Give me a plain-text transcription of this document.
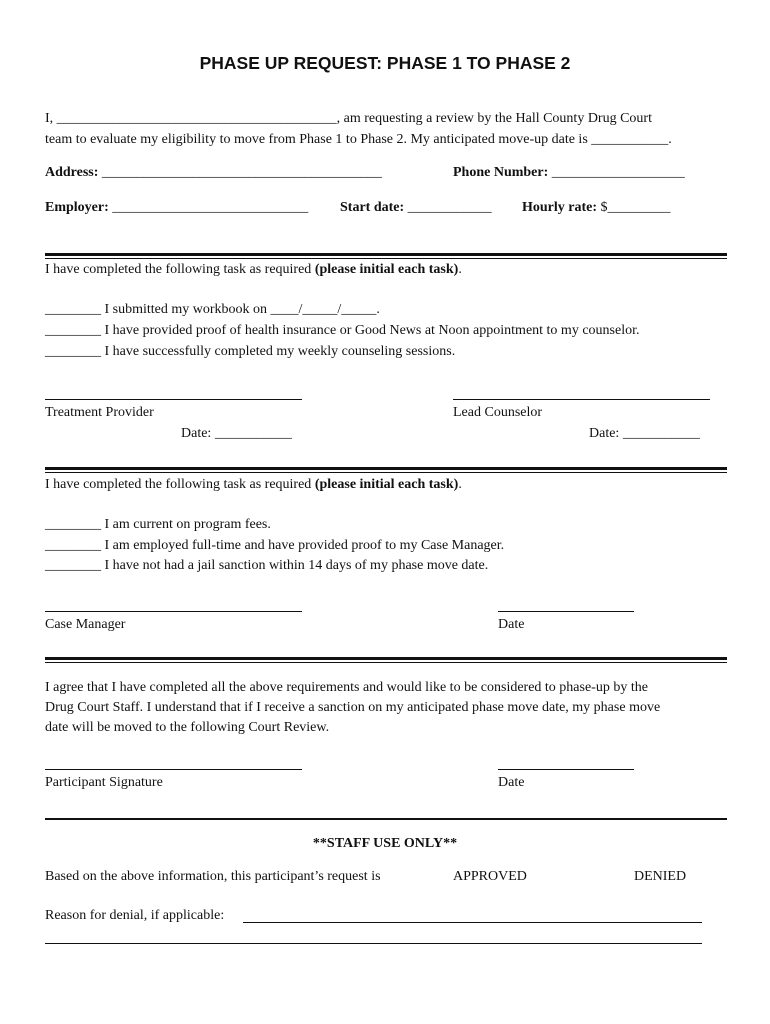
PHASE UP REQUEST: PHASE 1 TO PHASE 2
I, ________________________________________, am requesting a review by the Hall County Drug Court
team to evaluate my eligibility to move from Phase 1 to Phase 2. My anticipated move-up date is ___________.
Address: ________________________________________	Phone Number: ___________________
Employer: ____________________________ Start date: ____________ Hourly rate: $_________
I have completed the following task as required (please initial each task).
________ I submitted my workbook on ____/_____/_____.
________ I have provided proof of health insurance or Good News at Noon appointment to my counselor.
________ I have successfully completed my weekly counseling sessions.
Treatment Provider	Lead Counselor
Date: ___________	Date: ___________
I have completed the following task as required (please initial each task).
________ I am current on program fees.
________ I am employed full-time and have provided proof to my Case Manager.
________ I have not had a jail sanction within 14 days of my phase move date.
Case Manager	Date
I agree that I have completed all the above requirements and would like to be considered to phase-up by the
Drug Court Staff. I understand that if I receive a sanction on my anticipated phase move date, my phase move
date will be moved to the following Court Review.
Participant Signature	Date
**STAFF USE ONLY**
Based on the above information, this participant’s request is	APPROVED	DENIED
Reason for denial, if applicable:
